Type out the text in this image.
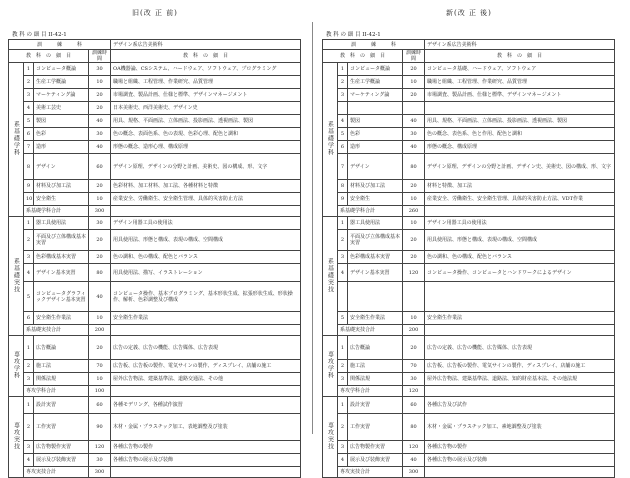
旧(改 正 前)
教 科 の 細 目 II-42-1
訓　　　練　　　科				デザイン系広告美術科
教　科　の　細　目			訓練時間	教　科　の　細　目
系基礎学科	1	コンピュータ概論	30	OA機器論、CSシステム、ハードウェア、ソフトウェア、プログラミング
	2	生産工学概論	10	職場と組織、工程管理、作業研究、品質管理
	3	マーケティング論	20	市場調査、製品計画、仕様と標準、デザインマネージメント
	4	美術工芸史	20	日本美術史、西洋美術史、デザイン史
	5	製図	40	用具、規格、平面画法、立体画法、投影画法、透視画法、製図
	6	色彩	30	色の概念、表面色系、色の表現、色彩心理、配色と調和
	7	造形	40	形態の概念、造形心理、構成原理
	8	デザイン	60	デザイン原理、デザインの分野と計画、美術史、図の構成、形、文字
	9	材料及び加工法	20	色彩材料、加工材料、加工法、各種材料と特徴
	10	安全衛生	10	産業安全、労働衛生、安全衛生管理、具体的災害防止方法
	系基礎学科合計		300	
系基礎実技	1	器工具使用法	30	デザイン用器工具の使用法
	2	平面及び立体構成基本実習	20	用具使用法、形態と構成、表現の構成、空間構成
	3	色彩構成基本実習	20	色の調和、色の構成、配色とバランス
	4	デザイン基本実習	80	用具使用法、描写、イラストレーション
	5	コンピュータグラフィックデザイン基本実習	40	コンピュータ操作、基本プログラミング、基本形状生成、拡張形状生成、形状操作、解析、色彩調整及び構成
	6	安全衛生作業法	10	安全衛生作業法
	系基礎実技合計		200	
専攻学科	1	広告概論	20	広告の定義、広告の機能、広告媒体、広告表現
	2	施工法	70	広告板、広告板の製作、電気サインの製作、ディスプレイ、店舗の施工
	3	関係法規	10	屋外広告物法、建築基準法、道路交通法、その他
	専攻学科合計		100	
専攻実技	1	設計実習	60	各種モデリング、各種試作演習
	2	工作実習	90	木材・金属・プラスチック加工、表地調整及び塗装
	3	広告物製作実習	120	各種広告物の製作
	4	展示及び装飾実習	30	各種広告物の展示及び装飾
	専攻実技合計		300	
新(改 正 後)
教 科 の 細 目 II-42-1
訓　　　練　　　科				デザイン系広告美術科
教　科　の　細　目			訓練時間	教　科　の　細　目
系基礎学科	1	コンピュータ概論	20	コンピュータ基礎、ハードウェア、ソフトウェア
	2	生産工学概論	10	職場と組織、工程管理、作業研究、品質管理
	3	マーケティング論	20	市場調査、製品計画、仕様と標準、デザインマネージメント

	4	製図	40	用具、規格、平面画法、立体画法、投影画法、透視画法、製図
	5	色彩	30	色の概念、表色系、色と作用、配色と調和
	6	造形	40	形態の概念、構成原理
	7	デザイン	80	デザイン原理、デザインの分野と計画、デザイン史、美術史、図の構成、形、文字
	8	材料及び加工法	20	材料と特徴、加工法
	9	安全衛生	10	産業安全、労働衛生、安全衛生管理、具体的災害防止方法、VDT作業
	系基礎学科合計		260	
系基礎実技	1	器工具使用法	10	デザイン用器工具の使用法
	2	平面及び立体構成基本実習	20	用具使用法、形態と構成、表現の構成、空間構成
	3	色彩構成基本実習	20	色の調和、色の構成、配色とバランス
	4	デザイン基本実習	120	コンピュータ操作、コンピュータとハンドワークによるデザイン

	5	安全衛生作業法	10	安全衛生作業法
	系基礎実技合計		200	
専攻学科	1	広告概論	20	広告の定義、広告の機能、広告媒体、広告表現
	2	施工法	70	広告板、広告板の製作、電気サインの製作、ディスプレイ、店舗の施工
	3	関係法規	30	屋外広告物法、建築基準法、道路法、知的財産基本法、その他法規
	専攻学科合計		120	
専攻実技	1	設計実習	60	各種広告及び試作
	2	工作実習	80	木材・金属・プラスチック加工、素地調整及び塗装
	3	広告物製作実習	120	各種広告物の製作
	4	展示及び装飾実習	40	各種広告物の展示及び装飾
	専攻実技合計		300	
